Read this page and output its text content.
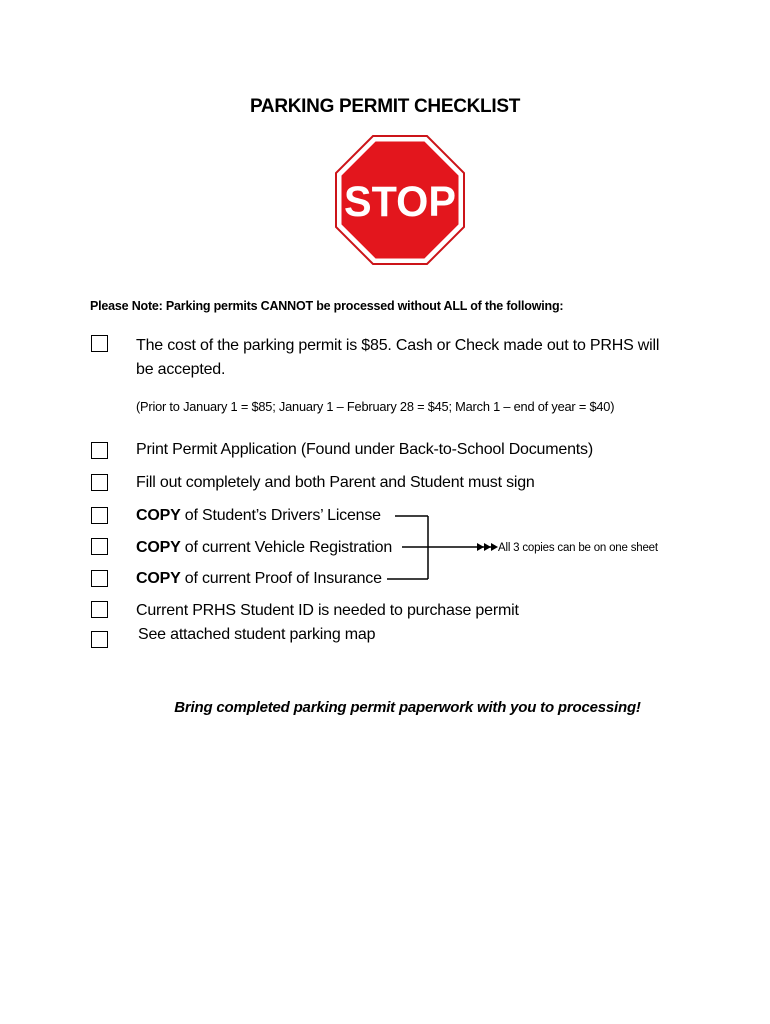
PARKING PERMIT CHECKLIST
STOP
Please Note: Parking permits CANNOT be processed without ALL of the following:
The cost of the parking permit is $85. Cash or Check made out to PRHS will
be accepted.
(Prior to January 1 = $85; January 1 – February 28 = $45; March 1 – end of year = $40)
Print Permit Application (Found under Back-to-School Documents)
Fill out completely and both Parent and Student must sign
COPY of Student’s Drivers’ License
COPY of current Vehicle Registration
COPY of current Proof of Insurance
Current PRHS Student ID is needed to purchase permit
See attached student parking map
All 3 copies can be on one sheet
Bring completed parking permit paperwork with you to processing!
